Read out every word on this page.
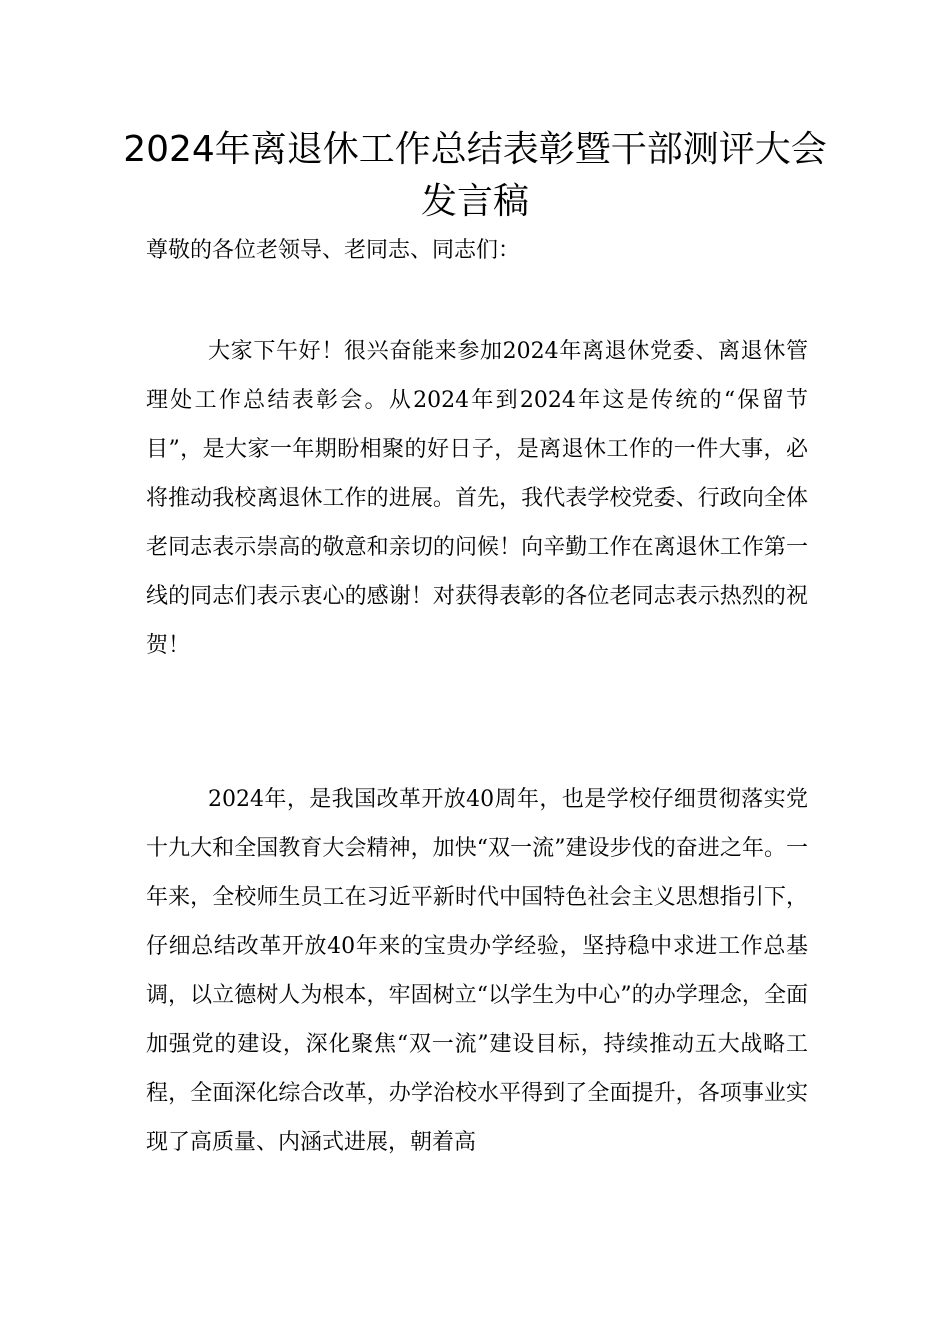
2024年离退休工作总结表彰暨干部测评大会发言稿
尊敬的各位老领导、老同志、同志们：

大家下午好！很兴奋能来参加2024年离退休党委、离退休管理处工作总结表彰会。从2024年到2024年这是传统的“保留节目”，是大家一年期盼相聚的好日子，是离退休工作的一件大事，必将推动我校离退休工作的进展。首先，我代表学校党委、行政向全体老同志表示崇高的敬意和亲切的问候！向辛勤工作在离退休工作第一线的同志们表示衷心的感谢！对获得表彰的各位老同志表示热烈的祝贺！

2024年，是我国改革开放40周年，也是学校仔细贯彻落实党十九大和全国教育大会精神，加快“双一流”建设步伐的奋进之年。一年来，全校师生员工在习近平新时代中国特色社会主义思想指引下，仔细总结改革开放40年来的宝贵办学经验，坚持稳中求进工作总基调，以立德树人为根本，牢固树立“以学生为中心”的办学理念，全面加强党的建设，深化聚焦“双一流”建设目标，持续推动五大战略工程，全面深化综合改革，办学治校水平得到了全面提升，各项事业实现了高质量、内涵式进展，朝着高
